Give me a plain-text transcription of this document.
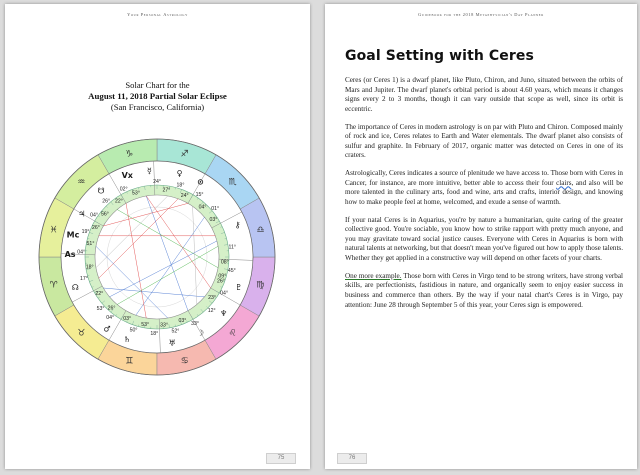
Your Personal Astrology
Solar Chart for the
August 11, 2018 Partial Solar Eclipse
(San Francisco, California)
04°
26°
53°
22°
17°
18°
04°
51°
19°
26°
04° 56°
26° 22°
02°
53°
24°
27°
18°
24° 15°
04° 01°
03°
33°
03°
52°
33°
18°
53°
50°
03°
12°
23°
04°
26°
11°
08°
45°
09°
♈
♉
♊	♋
♌
♍
♎
♏
♐
♑
♒
♓
♄
♂
☊
♅
☽
⊙
♀
☿
♆
♇
♃
Vx
Mc
As
⚷
☋
75
Guidebook for the 2018 Metaphysician's Day Planner
Goal Setting with Ceres

Ceres (or Ceres 1) is a dwarf planet, like Pluto, Chiron, and Juno, situated between the orbits of Mars and Jupiter. The dwarf planet's orbital period is about 4.60 years, which means it changes signs every 2 to 3 months, though it can vary outside that scope as well, since its orbit is eccentric.

The importance of Ceres in modern astrology is on par with Pluto and Chiron. Composed mainly of rock and ice, Ceres relates to Earth and Water elementals. The dwarf planet also consists of sulfur and graphite. In February of 2017, organic matter was detected on Ceres in one of its craters.

Astrologically, Ceres indicates a source of plenitude we have access to. Those born with Ceres in Cancer, for instance, are more intuitive, better able to access their four clairs, and also will be more talented in the culinary arts, food and wine, arts and crafts, interior design, and knowing how to make people feel at home, welcomed, and exude a sense of warmth.

If your natal Ceres is in Aquarius, you're by nature a humanitarian, quite caring of the greater collective good. You're sociable, you know how to strike rapport with pretty much anyone, and you may gravitate toward social justice causes. Everyone with Ceres in Aquarius is born with natural talents at networking, but that doesn't mean you've figured out how to apply those talents. Whether they get applied in a constructive way will depend on other facets of your charts.

One more example. Those born with Ceres in Virgo tend to be strong writers, have strong verbal skills, are perfectionists, fastidious in nature, and organically seem to enjoy easier success in business and commerce than others. By the way if your natal chart's Ceres is in Virgo, pay attention: June 28 through September 5 of this year, your Ceres sign is empowered.

76
